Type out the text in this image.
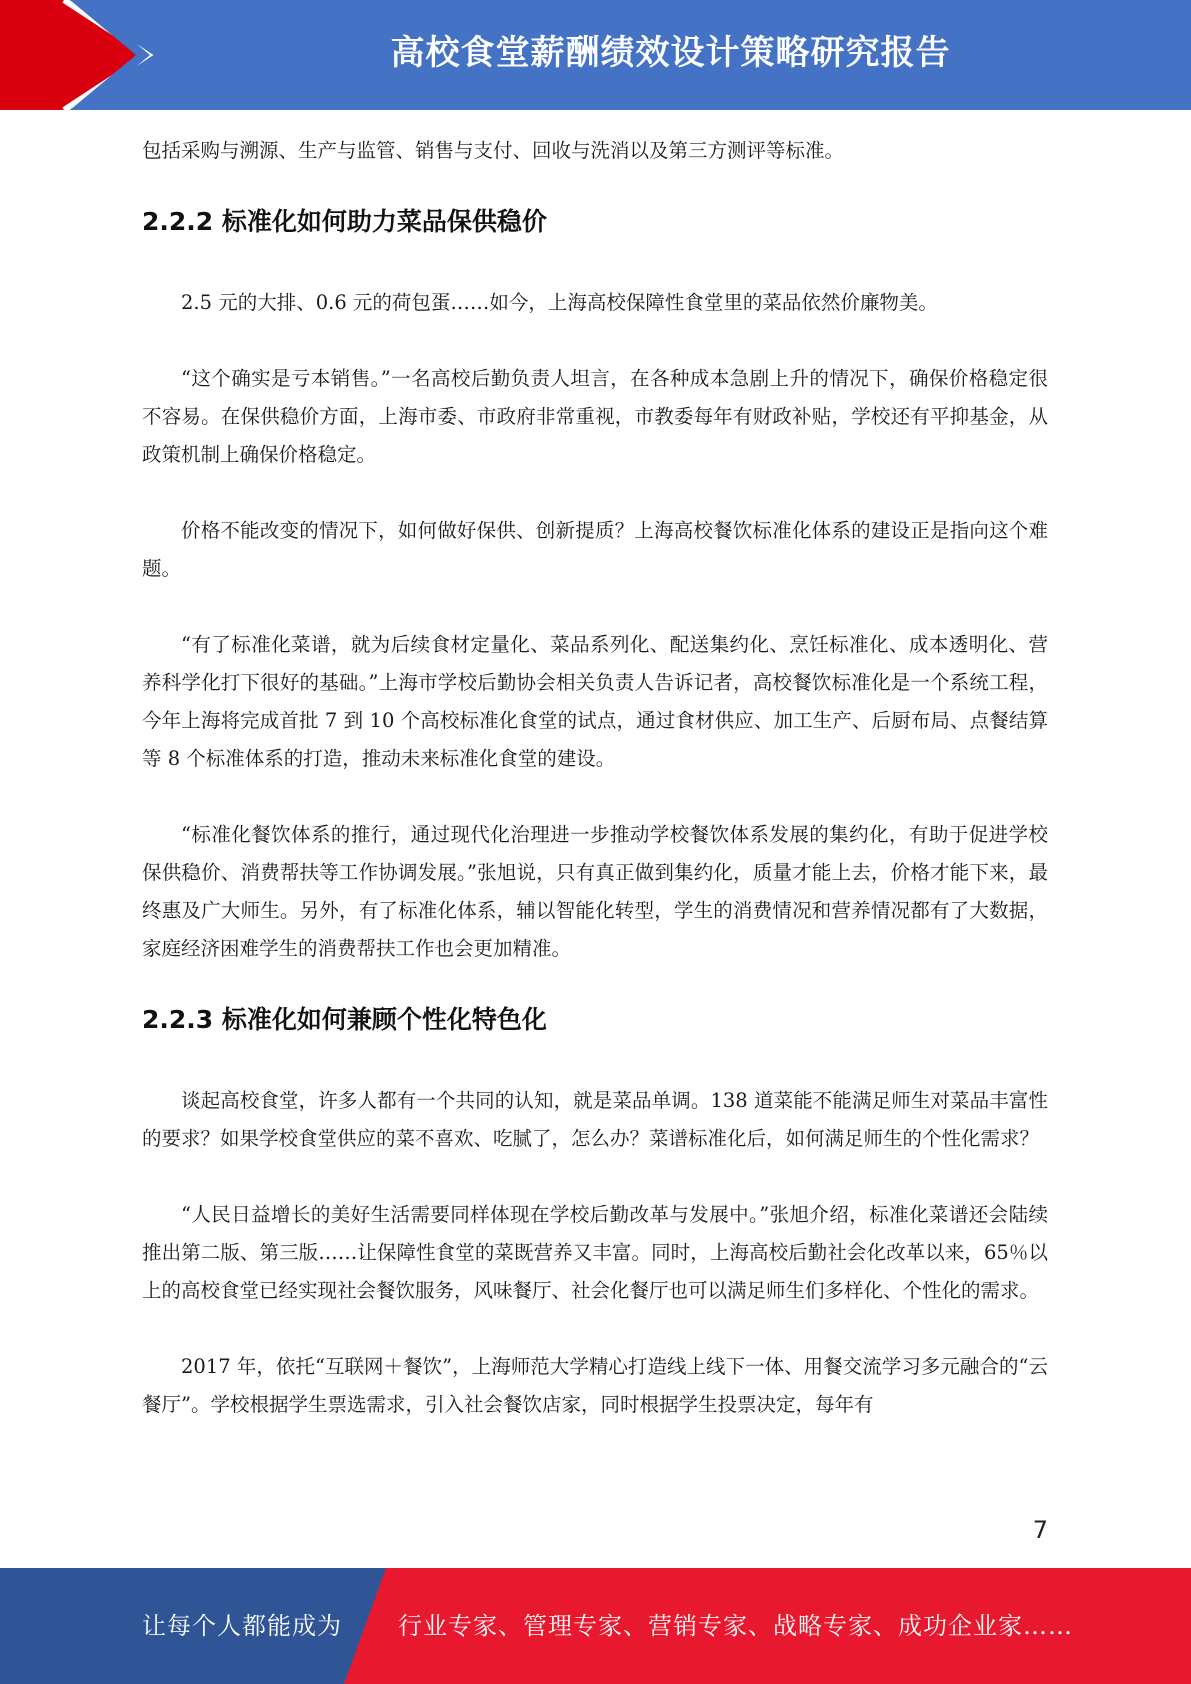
高校食堂薪酬绩效设计策略研究报告

包括采购与溯源、生产与监管、销售与支付、回收与洗消以及第三方测评等标准。

2.2.2 标准化如何助力菜品保供稳价

2.5 元的大排、0.6 元的荷包蛋……如今，上海高校保障性食堂里的菜品依然价廉物美。

“这个确实是亏本销售。”一名高校后勤负责人坦言，在各种成本急剧上升的情况下，确保价格稳定很不容易。在保供稳价方面，上海市委、市政府非常重视，市教委每年有财政补贴，学校还有平抑基金，从政策机制上确保价格稳定。

价格不能改变的情况下，如何做好保供、创新提质？上海高校餐饮标准化体系的建设正是指向这个难题。

“有了标准化菜谱，就为后续食材定量化、菜品系列化、配送集约化、烹饪标准化、成本透明化、营养科学化打下很好的基础。”上海市学校后勤协会相关负责人告诉记者，高校餐饮标准化是一个系统工程，今年上海将完成首批 7 到 10 个高校标准化食堂的试点，通过食材供应、加工生产、后厨布局、点餐结算等 8 个标准体系的打造，推动未来标准化食堂的建设。

“标准化餐饮体系的推行，通过现代化治理进一步推动学校餐饮体系发展的集约化，有助于促进学校保供稳价、消费帮扶等工作协调发展。”张旭说，只有真正做到集约化，质量才能上去，价格才能下来，最终惠及广大师生。另外，有了标准化体系，辅以智能化转型，学生的消费情况和营养情况都有了大数据，家庭经济困难学生的消费帮扶工作也会更加精准。

2.2.3 标准化如何兼顾个性化特色化

谈起高校食堂，许多人都有一个共同的认知，就是菜品单调。138 道菜能不能满足师生对菜品丰富性的要求？如果学校食堂供应的菜不喜欢、吃腻了，怎么办？菜谱标准化后，如何满足师生的个性化需求？

“人民日益增长的美好生活需要同样体现在学校后勤改革与发展中。”张旭介绍，标准化菜谱还会陆续推出第二版、第三版……让保障性食堂的菜既营养又丰富。同时，上海高校后勤社会化改革以来，65％以上的高校食堂已经实现社会餐饮服务，风味餐厅、社会化餐厅也可以满足师生们多样化、个性化的需求。

2017 年，依托“互联网＋餐饮”，上海师范大学精心打造线上线下一体、用餐交流学习多元融合的“云餐厅”。学校根据学生票选需求，引入社会餐饮店家，同时根据学生投票决定，每年有

7
让每个人都能成为 行业专家、管理专家、营销专家、战略专家、成功企业家……
